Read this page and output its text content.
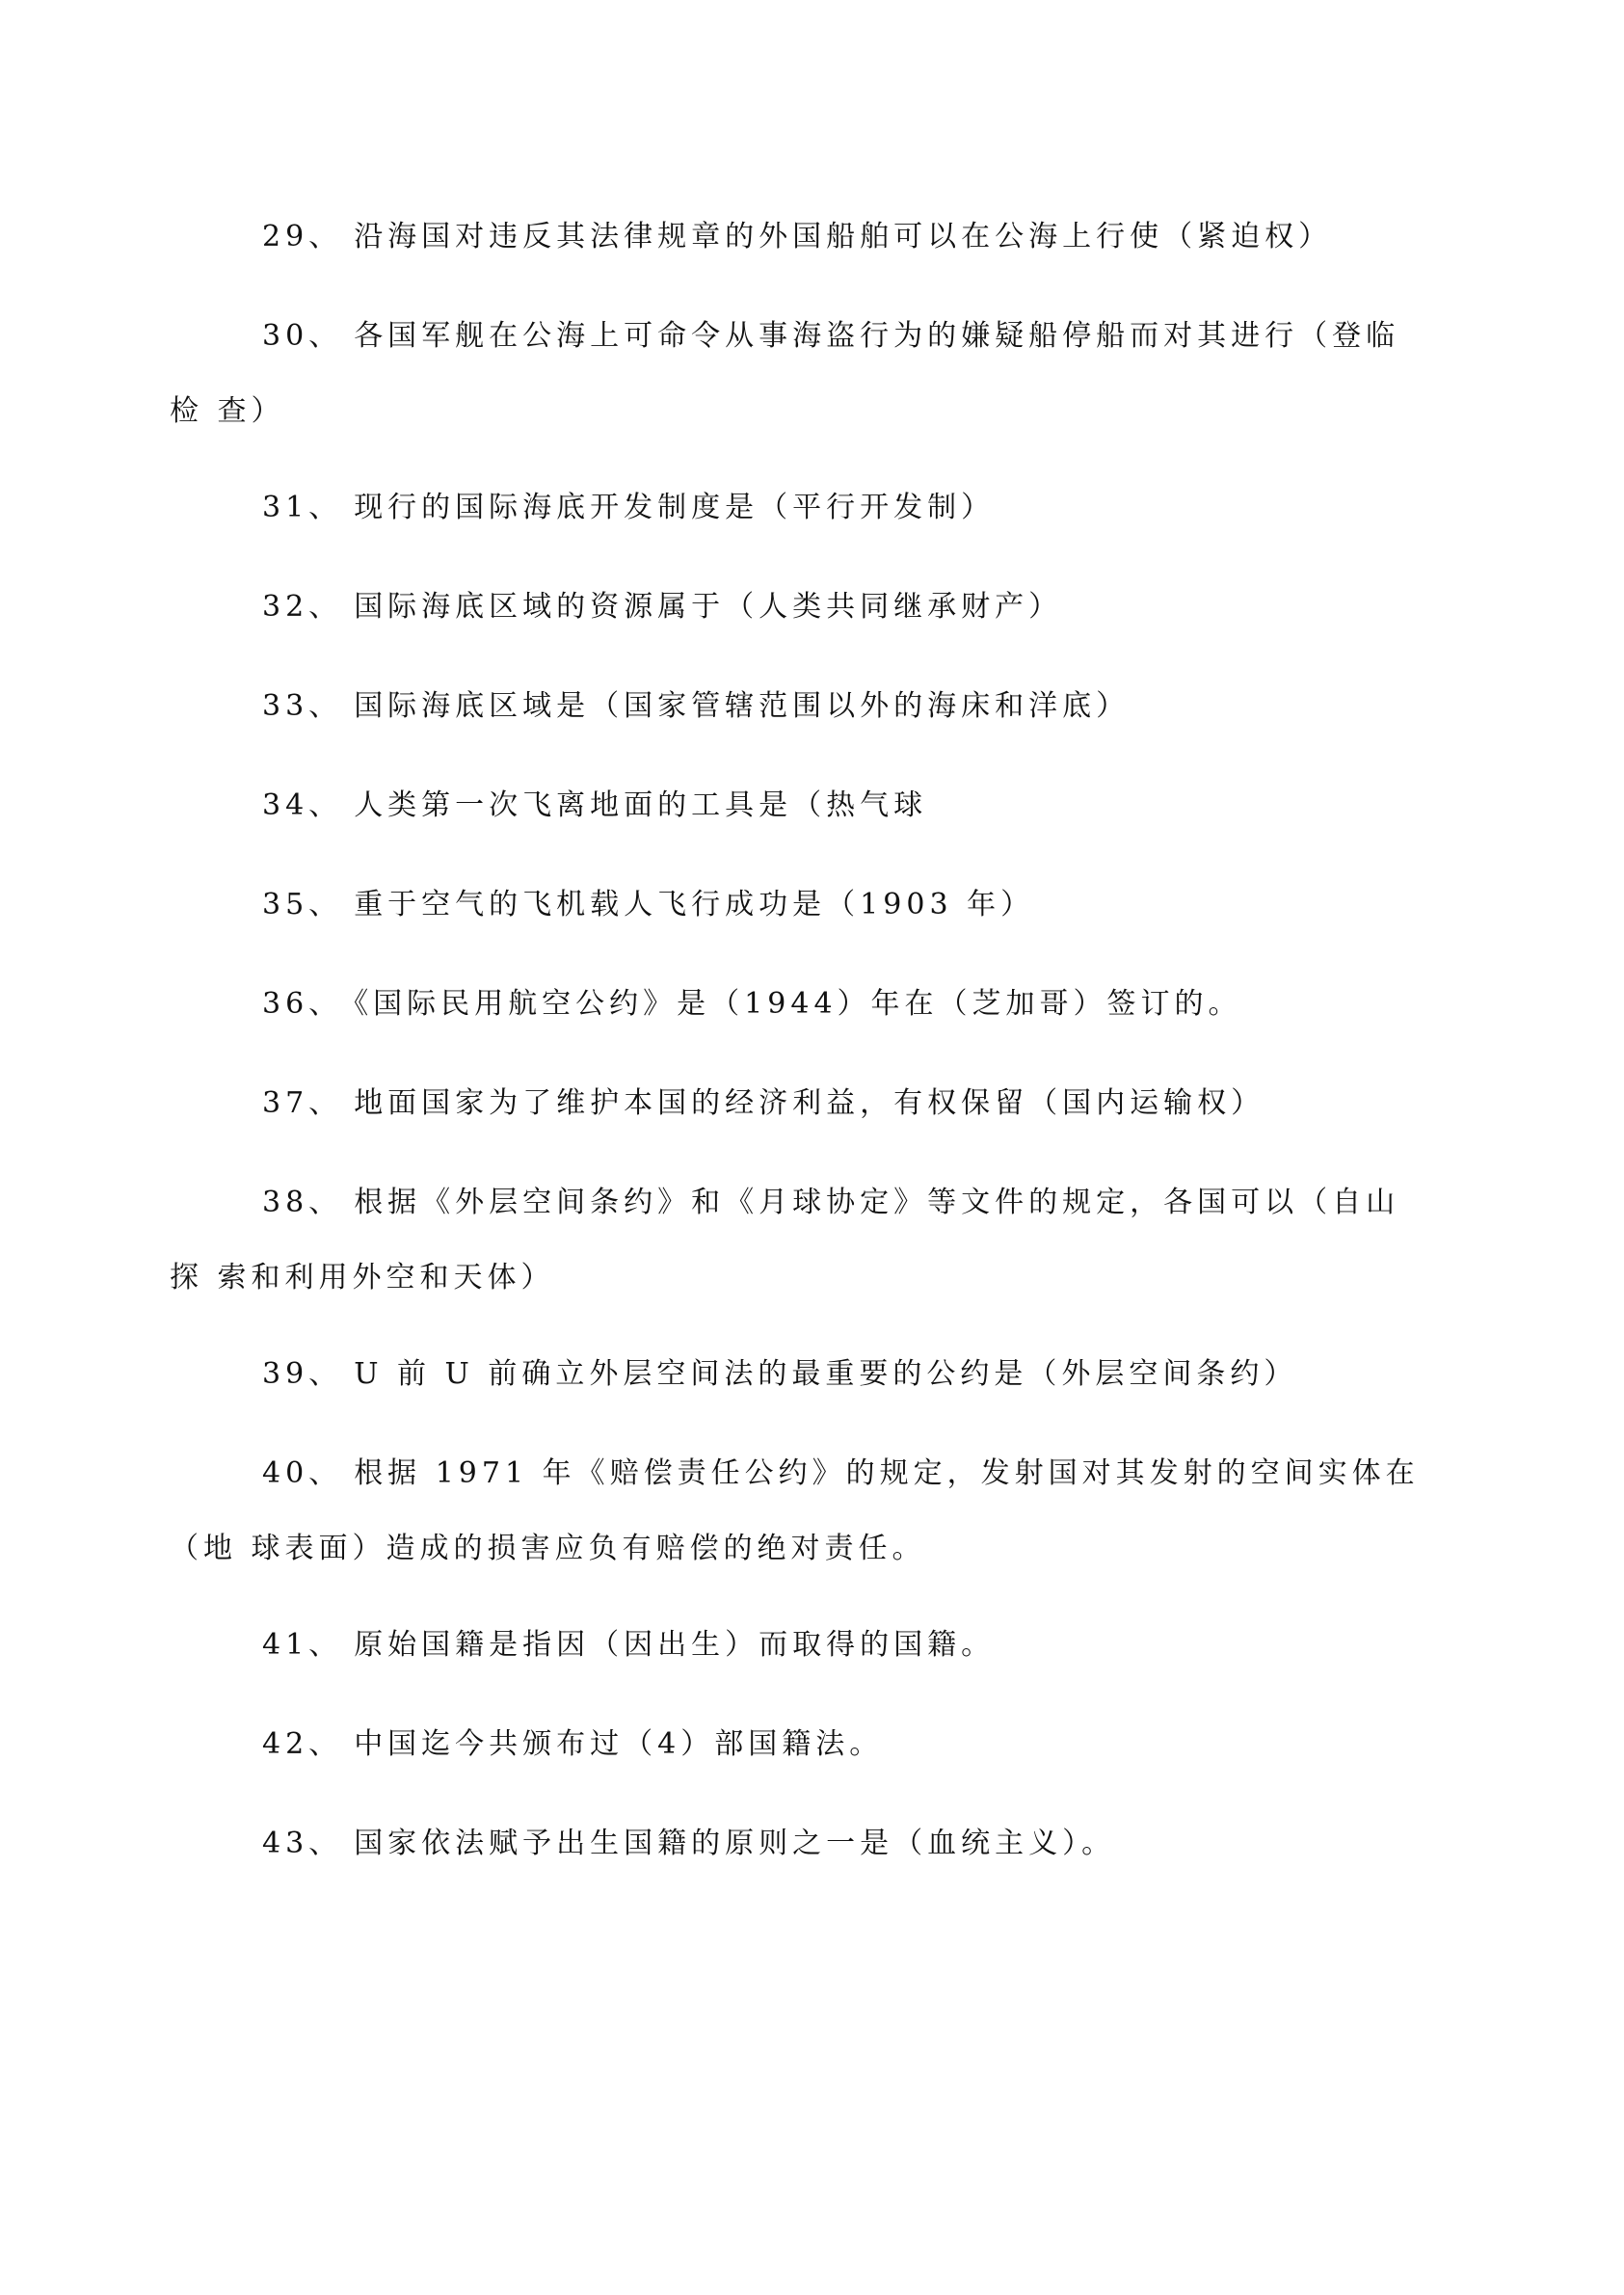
29、 沿海国对违反其法律规章的外国船舶可以在公海上行使（紧迫权）

30、 各国军舰在公海上可命令从事海盗行为的嫌疑船停船而对其进行（登临
检 查）

31、 现行的国际海底开发制度是（平行开发制）

32、 国际海底区域的资源属于（人类共同继承财产）

33、 国际海底区域是（国家管辖范围以外的海床和洋底）

34、 人类第一次飞离地面的工具是（热气球

35、 重于空气的飞机载人飞行成功是（1903 年）

36、 《国际民用航空公约》是（1944）年在（芝加哥）签订的。

37、 地面国家为了维护本国的经济利益，有权保留（国内运输权）

38、 根据《外层空间条约》和《月球协定》等文件的规定，各国可以（自山
探 索和利用外空和天体）

39、 U 前 U 前确立外层空间法的最重要的公约是（外层空间条约）

40、 根据 1971 年《赔偿责任公约》的规定，发射国对其发射的空间实体在
（地 球表面）造成的损害应负有赔偿的绝对责任。

41、 原始国籍是指因（因出生）而取得的国籍。

42、 中国迄今共颁布过（4）部国籍法。

43、 国家依法赋予出生国籍的原则之一是（血统主义）。
